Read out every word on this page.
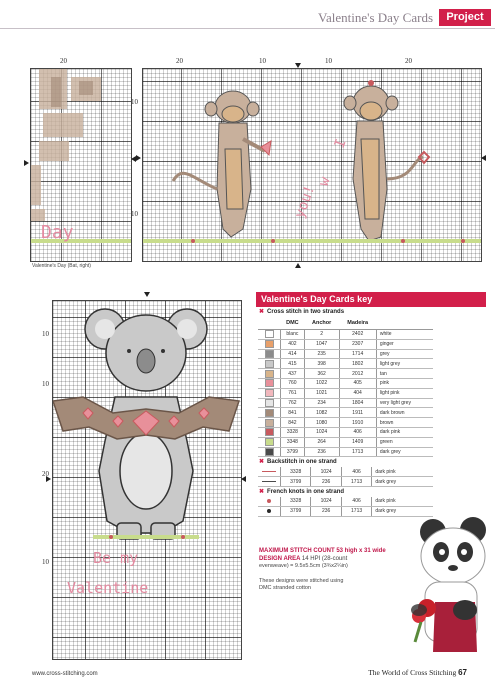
Valentine's Day Cards	Project
20
Day
Valentine's Day (Bat, right)
20	10	10	20
I
w
you!
10
10
Be my
Valentine
10
10
20
10
Valentine's Day Cards key
✖ Cross stitch in two strands
	DMC	Anchor	Madeira	
	blanc	2	2402	white
	402	1047	2307	ginger
	414	235	1714	grey
	415	398	1802	light grey
	437	362	2012	tan
	760	1022	405	pink
	761	1021	404	light pink
	762	234	1804	very light grey
	841	1082	1911	dark brown
	842	1080	1910	brown
	3328	1024	406	dark pink
	3348	264	1409	green
	3799	236	1713	dark grey
✖ Backstitch in one strand
	3328	1024	406	dark pink
	3799	236	1713	dark grey
✖ French knots in one strand
	3328	1024	406	dark pink
	3799	236	1713	dark grey
MAXIMUM STITCH COUNT 53 high x 31 wide
DESIGN AREA 14 HPI (28-count
evenweave) = 9.5x5.5cm (3¾x2¼in)
These designs were stitched using DMC stranded cotton
www.cross-stitching.com	The World of Cross Stitching 67
